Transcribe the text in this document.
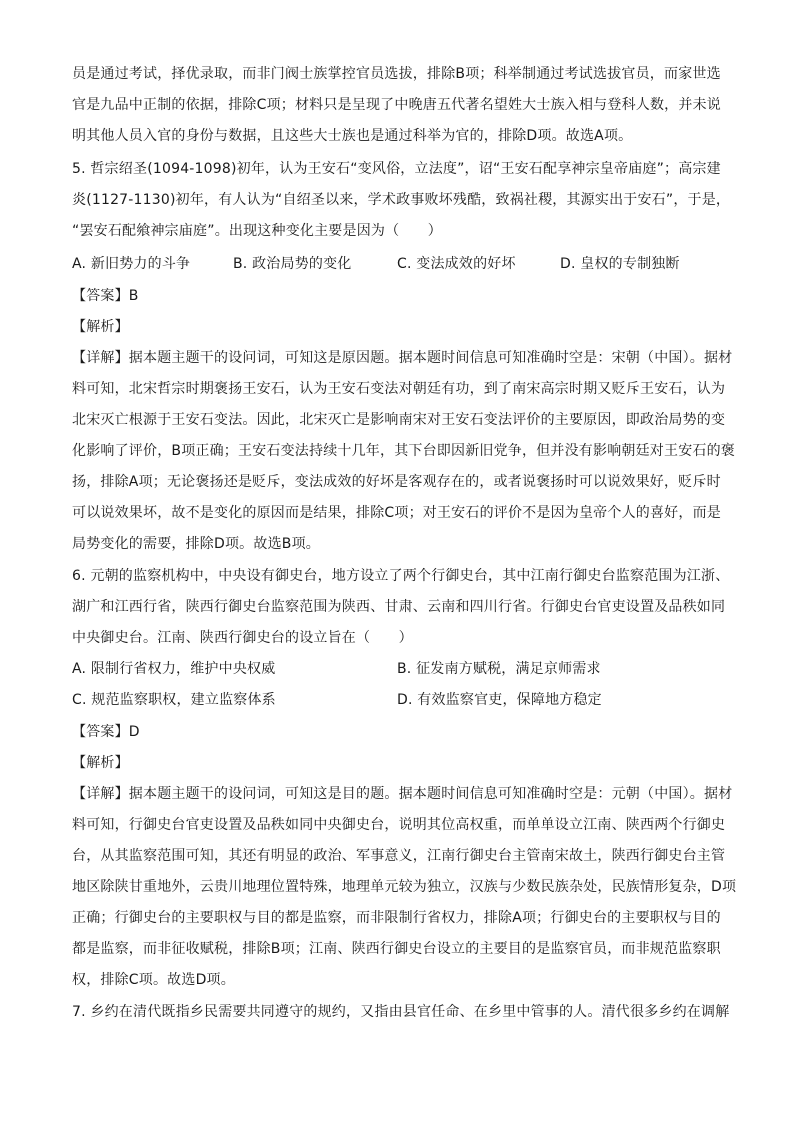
员是通过考试，择优录取，而非门阀士族掌控官员选拔，排除B项；科举制通过考试选拔官员，而家世选
官是九品中正制的依据，排除C项；材料只是呈现了中晚唐五代著名望姓大士族入相与登科人数，并未说
明其他人员入官的身份与数据，且这些大士族也是通过科举为官的，排除D项。故选A项。
5. 哲宗绍圣(1094-1098)初年，认为王安石“变风俗，立法度”，诏“王安石配享神宗皇帝庙庭”；高宗建
炎(1127-1130)初年，有人认为“自绍圣以来，学术政事败坏残酷，致祸社稷，其源实出于安石”，于是，
“罢安石配飨神宗庙庭”。出现这种变化主要是因为（　　）
A. 新旧势力的斗争	B. 政治局势的变化	C. 变法成效的好坏	D. 皇权的专制独断
【答案】B
【解析】
【详解】据本题主题干的设问词，可知这是原因题。据本题时间信息可知准确时空是：宋朝（中国）。据材
料可知，北宋哲宗时期褒扬王安石，认为王安石变法对朝廷有功，到了南宋高宗时期又贬斥王安石，认为
北宋灭亡根源于王安石变法。因此，北宋灭亡是影响南宋对王安石变法评价的主要原因，即政治局势的变
化影响了评价，B项正确；王安石变法持续十几年，其下台即因新旧党争，但并没有影响朝廷对王安石的褒
扬，排除A项；无论褒扬还是贬斥，变法成效的好坏是客观存在的，或者说褒扬时可以说效果好，贬斥时
可以说效果坏，故不是变化的原因而是结果，排除C项；对王安石的评价不是因为皇帝个人的喜好，而是
局势变化的需要，排除D项。故选B项。
6. 元朝的监察机构中，中央设有御史台，地方设立了两个行御史台，其中江南行御史台监察范围为江浙、
湖广和江西行省，陕西行御史台监察范围为陕西、甘肃、云南和四川行省。行御史台官吏设置及品秩如同
中央御史台。江南、陕西行御史台的设立旨在（　　）
A. 限制行省权力，维护中央权威	B. 征发南方赋税，满足京师需求
C. 规范监察职权，建立监察体系	D. 有效监察官吏，保障地方稳定
【答案】D
【解析】
【详解】据本题主题干的设问词，可知这是目的题。据本题时间信息可知准确时空是：元朝（中国）。据材
料可知，行御史台官吏设置及品秩如同中央御史台，说明其位高权重，而单单设立江南、陕西两个行御史
台，从其监察范围可知，其还有明显的政治、军事意义，江南行御史台主管南宋故土，陕西行御史台主管
地区除陕甘重地外，云贵川地理位置特殊，地理单元较为独立，汉族与少数民族杂处，民族情形复杂，D项
正确；行御史台的主要职权与目的都是监察，而非限制行省权力，排除A项；行御史台的主要职权与目的
都是监察，而非征收赋税，排除B项；江南、陕西行御史台设立的主要目的是监察官员，而非规范监察职
权，排除C项。故选D项。
7. 乡约在清代既指乡民需要共同遵守的规约，又指由县官任命、在乡里中管事的人。清代很多乡约在调解
